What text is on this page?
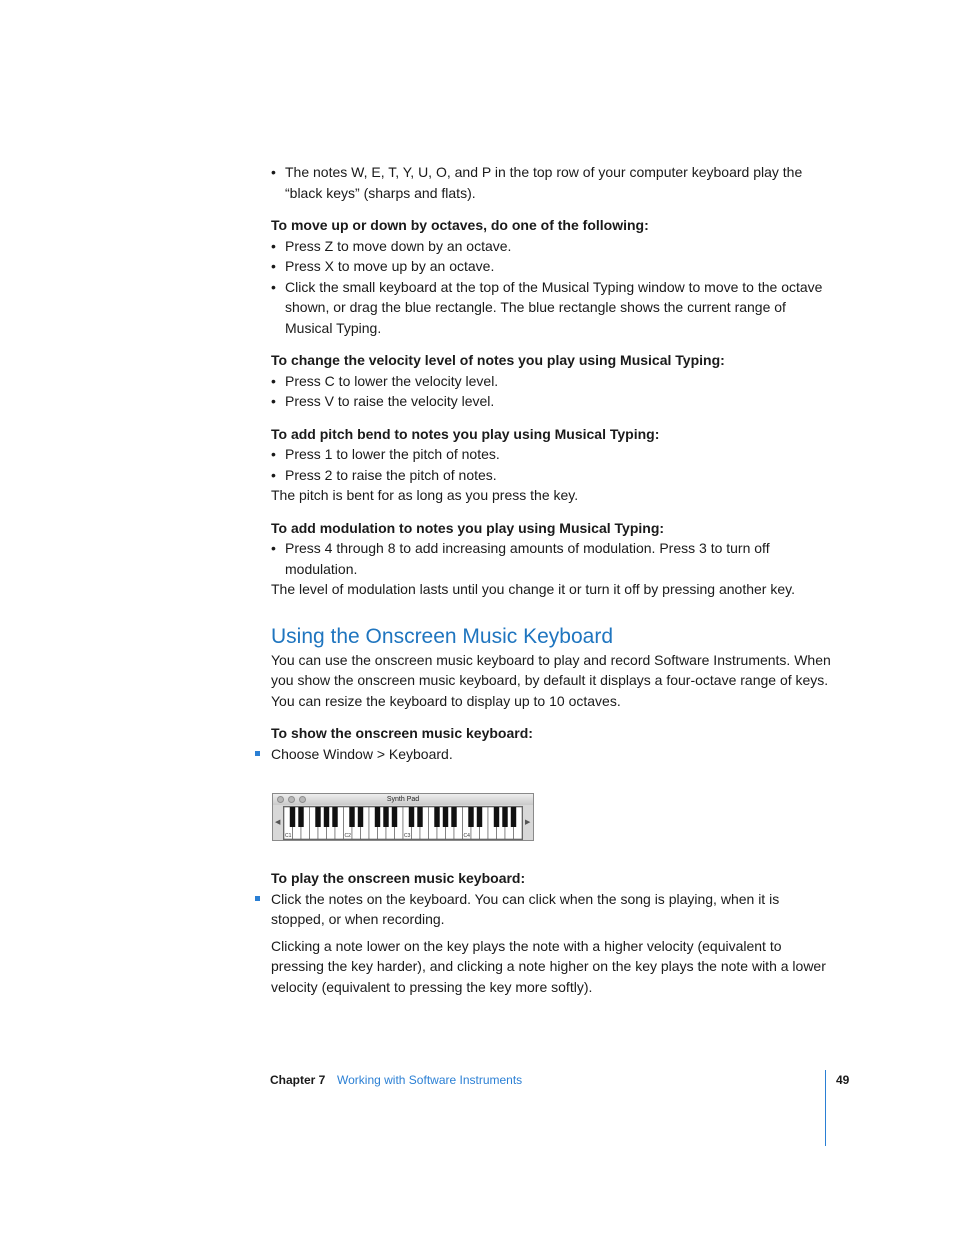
• The notes W, E, T, Y, U, O, and P in the top row of your computer keyboard play the “black keys” (sharps and flats).

To move up or down by octaves, do one of the following:

• Press Z to move down by an octave.

• Press X to move up by an octave.

• Click the small keyboard at the top of the Musical Typing window to move to the octave shown, or drag the blue rectangle. The blue rectangle shows the current range of Musical Typing.

To change the velocity level of notes you play using Musical Typing:

• Press C to lower the velocity level.

• Press V to raise the velocity level.

To add pitch bend to notes you play using Musical Typing:

• Press 1 to lower the pitch of notes.

• Press 2 to raise the pitch of notes.

The pitch is bent for as long as you press the key.

To add modulation to notes you play using Musical Typing:

• Press 4 through 8 to add increasing amounts of modulation. Press 3 to turn off modulation.

The level of modulation lasts until you change it or turn it off by pressing another key.

Using the Onscreen Music Keyboard

You can use the onscreen music keyboard to play and record Software Instruments. When you show the onscreen music keyboard, by default it displays a four-octave range of keys. You can resize the keyboard to display up to 10 octaves.

To show the onscreen music keyboard:

Choose Window > Keyboard.

To play the onscreen music keyboard:

Click the notes on the keyboard. You can click when the song is playing, when it is stopped, or when recording.

Clicking a note lower on the key plays the note with a higher velocity (equivalent to pressing the key harder), and clicking a note higher on the key plays the note with a lower velocity (equivalent to pressing the key more softly).

Synth Pad
◀
C1	C2	C3	C4
▶
Chapter 7 Working with Software Instruments	49
